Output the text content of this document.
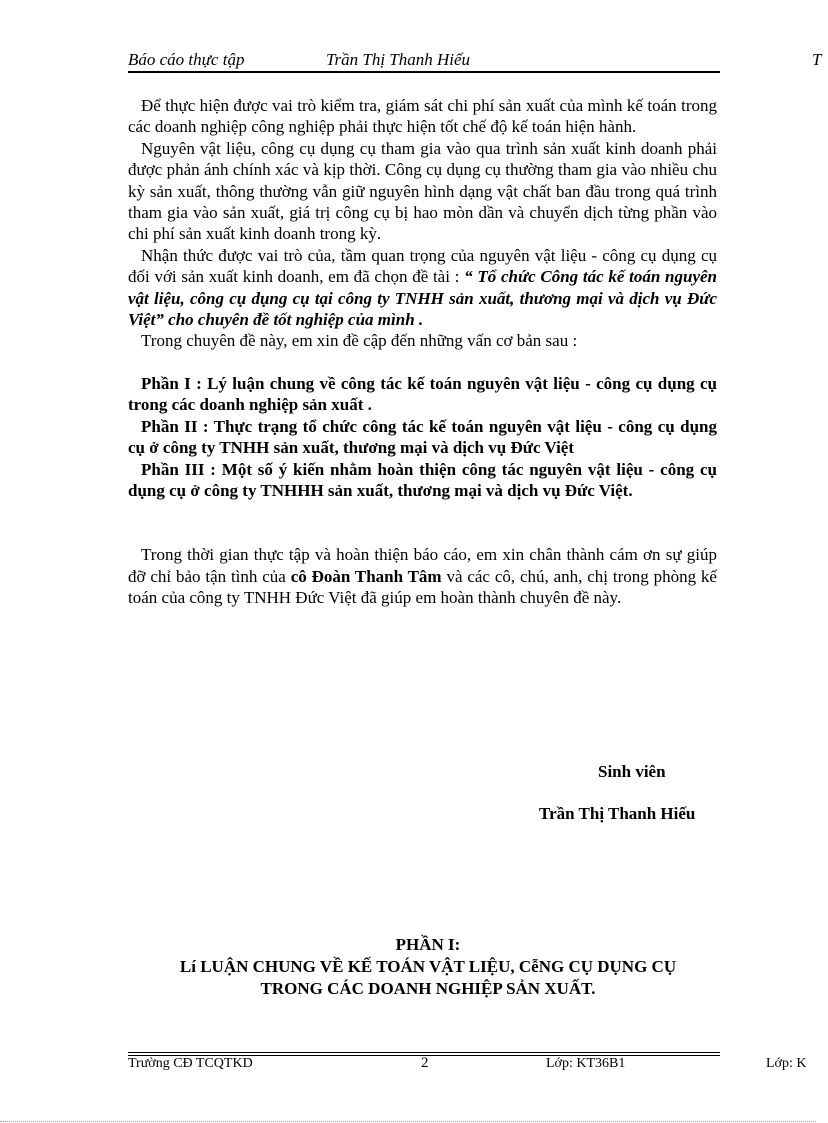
Báo cáo thực tập	Trần Thị Thanh Hiếu	T

Để thực hiện được vai trò kiểm tra, giám sát chi phí sản xuất của mình kế toán trong các doanh nghiệp công nghiệp phải thực hiện tốt chế độ kế toán hiện hành.

Nguyên vật liệu, công cụ dụng cụ tham gia vào qua trình sản xuất kinh doanh phải được phản ánh chính xác và kịp thời. Công cụ dụng cụ thường tham gia vào nhiều chu kỳ sản xuất, thông thường vẫn giữ nguyên hình dạng vật chất ban đầu trong quá trình tham gia vào sản xuất, giá trị công cụ bị hao mòn dần và chuyển dịch từng phần vào chi phí sản xuất kinh doanh trong kỳ.

Nhận thức được vai trò của, tầm quan trọng của nguyên vật liệu - công cụ dụng cụ đối với sản xuất kinh doanh, em đã chọn đề tài : “ Tổ chức Công tác kế toán nguyên vật liệu, công cụ dụng cụ tại công ty TNHH sản xuất, thương mại và dịch vụ Đức Việt” cho chuyên đề tốt nghiệp của mình .

Trong chuyên đề này, em xin đề cập đến những vấn cơ bản sau :

Phần I : Lý luận chung về công tác kế toán nguyên vật liệu - công cụ dụng cụ trong các doanh nghiệp sản xuất .

Phần II : Thực trạng tổ chức công tác kế toán nguyên vật liệu - công cụ dụng cụ ở công ty TNHH sản xuất, thương mại và dịch vụ Đức Việt

Phần III : Một số ý kiến nhằm hoàn thiện công tác nguyên vật liệu - công cụ dụng cụ ở công ty TNHHH sản xuất, thương mại và dịch vụ Đức Việt.

Trong thời gian thực tập và hoàn thiện báo cáo, em xin chân thành cám ơn sự giúp đỡ chỉ bảo tận tình của cô Đoàn Thanh Tâm và các cô, chú, anh, chị trong phòng kế toán của công ty TNHH Đức Việt đã giúp em hoàn thành chuyên đề này.

Sinh viên
Trần Thị Thanh Hiếu
PHẦN I:
Lí LUẬN CHUNG VỀ KẾ TOÁN VẬT LIỆU, CễNG CỤ DỤNG CỤ
TRONG CÁC DOANH NGHIỆP SẢN XUẤT.
Trường CĐ TCQTKD	2	Lớp: KT36B1	Lớp: K
